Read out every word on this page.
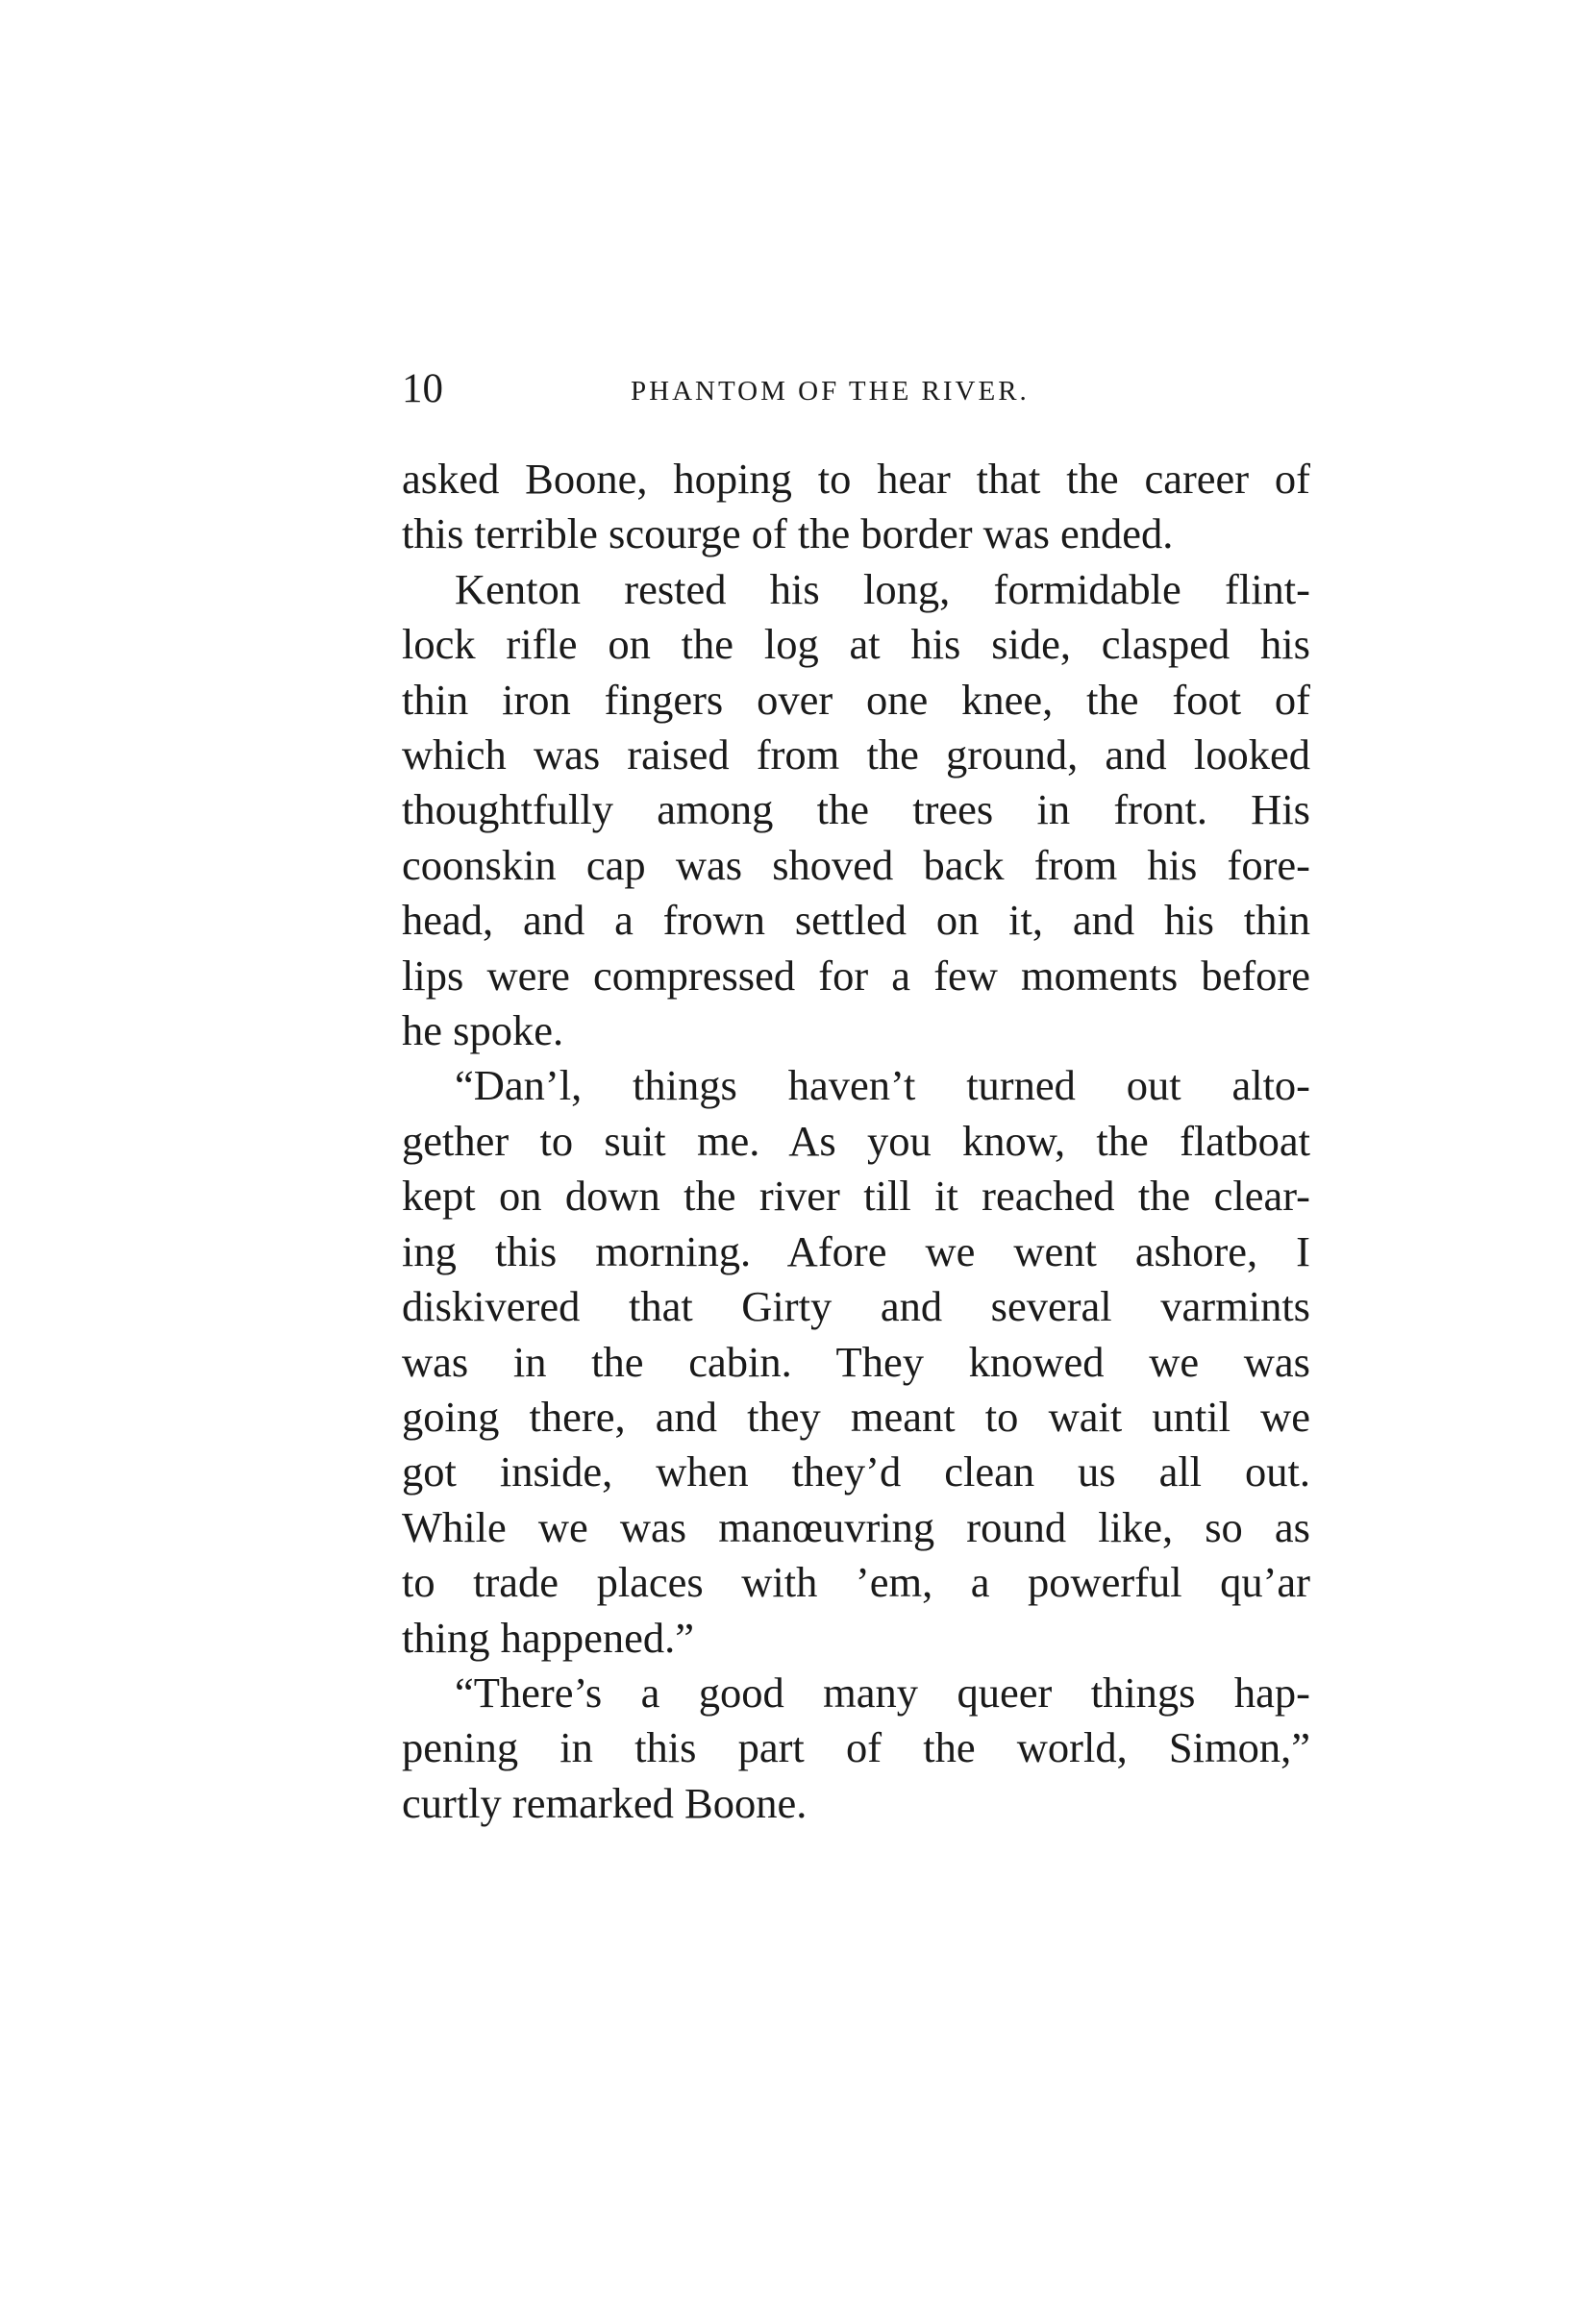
10	PHANTOM OF THE RIVER.
asked Boone, hoping to hear that the career of
this terrible scourge of the border was ended.
Kenton rested his long, formidable flint-
lock rifle on the log at his side, clasped his
thin iron fingers over one knee, the foot of
which was raised from the ground, and looked
thoughtfully among the trees in front. His
coonskin cap was shoved back from his fore-
head, and a frown settled on it, and his thin
lips were compressed for a few moments before
he spoke.
“Dan’l, things haven’t turned out alto-
gether to suit me. As you know, the flatboat
kept on down the river till it reached the clear-
ing this morning. Afore we went ashore, I
diskivered that Girty and several varmints
was in the cabin. They knowed we was
going there, and they meant to wait until we
got inside, when they’d clean us all out.
While we was manœuvring round like, so as
to trade places with ’em, a powerful qu’ar
thing happened.”
“There’s a good many queer things hap-
pening in this part of the world, Simon,”
curtly remarked Boone.
